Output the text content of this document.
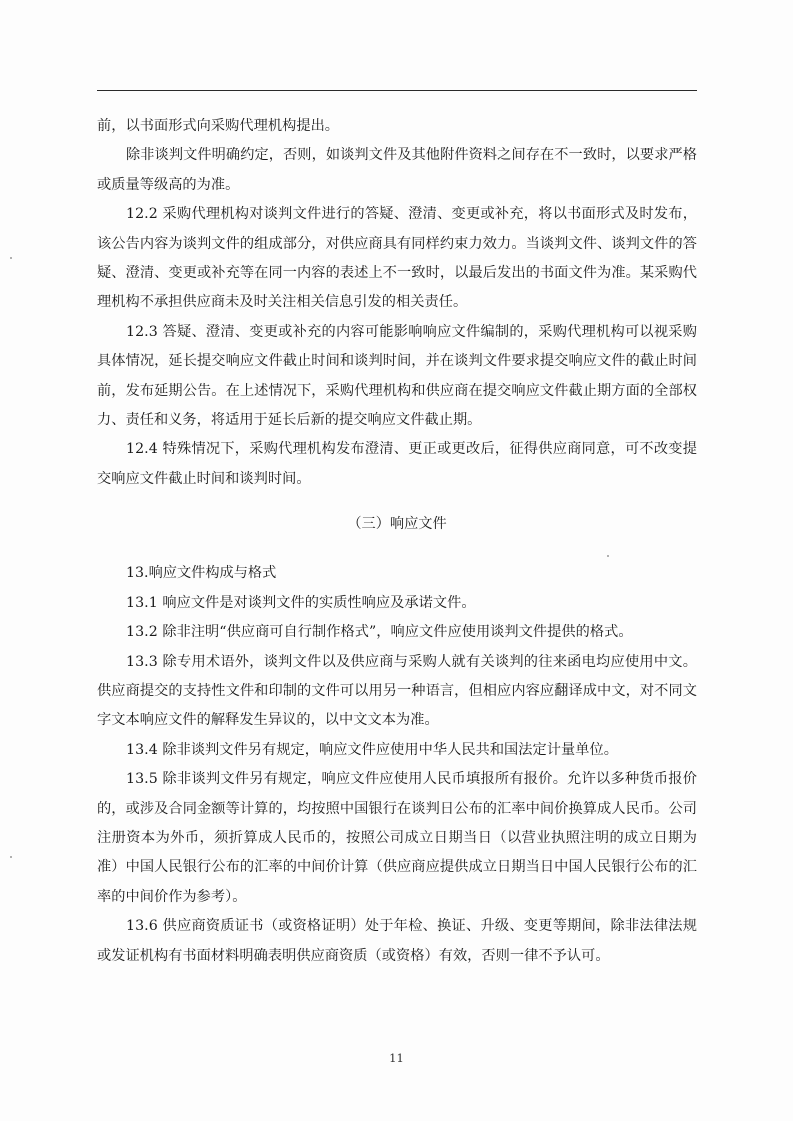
前，以书面形式向采购代理机构提出。

除非谈判文件明确约定，否则，如谈判文件及其他附件资料之间存在不一致时，以要求严格或质量等级高的为准。

12.2 采购代理机构对谈判文件进行的答疑、澄清、变更或补充，将以书面形式及时发布，该公告内容为谈判文件的组成部分，对供应商具有同样约束力效力。当谈判文件、谈判文件的答疑、澄清、变更或补充等在同一内容的表述上不一致时，以最后发出的书面文件为准。某采购代理机构不承担供应商未及时关注相关信息引发的相关责任。

12.3 答疑、澄清、变更或补充的内容可能影响响应文件编制的，采购代理机构可以视采购具体情况，延长提交响应文件截止时间和谈判时间，并在谈判文件要求提交响应文件的截止时间前，发布延期公告。在上述情况下，采购代理机构和供应商在提交响应文件截止期方面的全部权力、责任和义务，将适用于延长后新的提交响应文件截止期。

12.4 特殊情况下，采购代理机构发布澄清、更正或更改后，征得供应商同意，可不改变提交响应文件截止时间和谈判时间。

（三）响应文件

13.响应文件构成与格式

13.1 响应文件是对谈判文件的实质性响应及承诺文件。

13.2 除非注明“供应商可自行制作格式”，响应文件应使用谈判文件提供的格式。

13.3 除专用术语外，谈判文件以及供应商与采购人就有关谈判的往来函电均应使用中文。供应商提交的支持性文件和印制的文件可以用另一种语言，但相应内容应翻译成中文，对不同文字文本响应文件的解释发生异议的，以中文文本为准。

13.4 除非谈判文件另有规定，响应文件应使用中华人民共和国法定计量单位。

13.5 除非谈判文件另有规定，响应文件应使用人民币填报所有报价。允许以多种货币报价的，或涉及合同金额等计算的，均按照中国银行在谈判日公布的汇率中间价换算成人民币。公司注册资本为外币，须折算成人民币的，按照公司成立日期当日（以营业执照注明的成立日期为准）中国人民银行公布的汇率的中间价计算（供应商应提供成立日期当日中国人民银行公布的汇率的中间价作为参考）。

13.6 供应商资质证书（或资格证明）处于年检、换证、升级、变更等期间，除非法律法规或发证机构有书面材料明确表明供应商资质（或资格）有效，否则一律不予认可。

11
